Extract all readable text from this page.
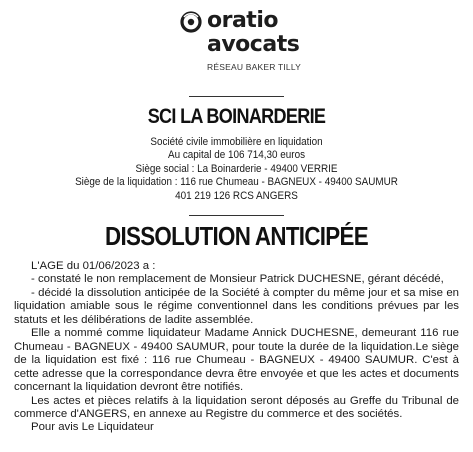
oratio
avocats
RÉSEAU BAKER TILLY
SCI LA BOINARDERIE
Société civile immobilière en liquidation
Au capital de 106 714,30 euros
Siège social : La Boinarderie - 49400 VERRIE
Siège de la liquidation : 116 rue Chumeau - BAGNEUX - 49400 SAUMUR
401 219 126 RCS ANGERS
DISSOLUTION ANTICIPÉE

L'AGE du 01/06/2023 a :

- constaté le non remplacement de Monsieur Patrick DUCHESNE, gérant décédé,

- décidé la dissolution anticipée de la Société à compter du même jour et sa mise en liquidation amiable sous le régime conventionnel dans les conditions prévues par les statuts et les délibérations de ladite assemblée.

Elle a nommé comme liquidateur Madame Annick DUCHESNE, demeurant 116 rue Chumeau - BAGNEUX - 49400 SAUMUR, pour toute la durée de la liquidation.Le siège de la liquidation est fixé : 116 rue Chumeau - BAGNEUX - 49400 SAUMUR. C'est à cette adresse que la correspondance devra être envoyée et que les actes et documents concernant la liquidation devront être notifiés.

Les actes et pièces relatifs à la liquidation seront déposés au Greffe du Tribunal de commerce d'ANGERS, en annexe au Registre du commerce et des sociétés.

Pour avis Le Liquidateur
